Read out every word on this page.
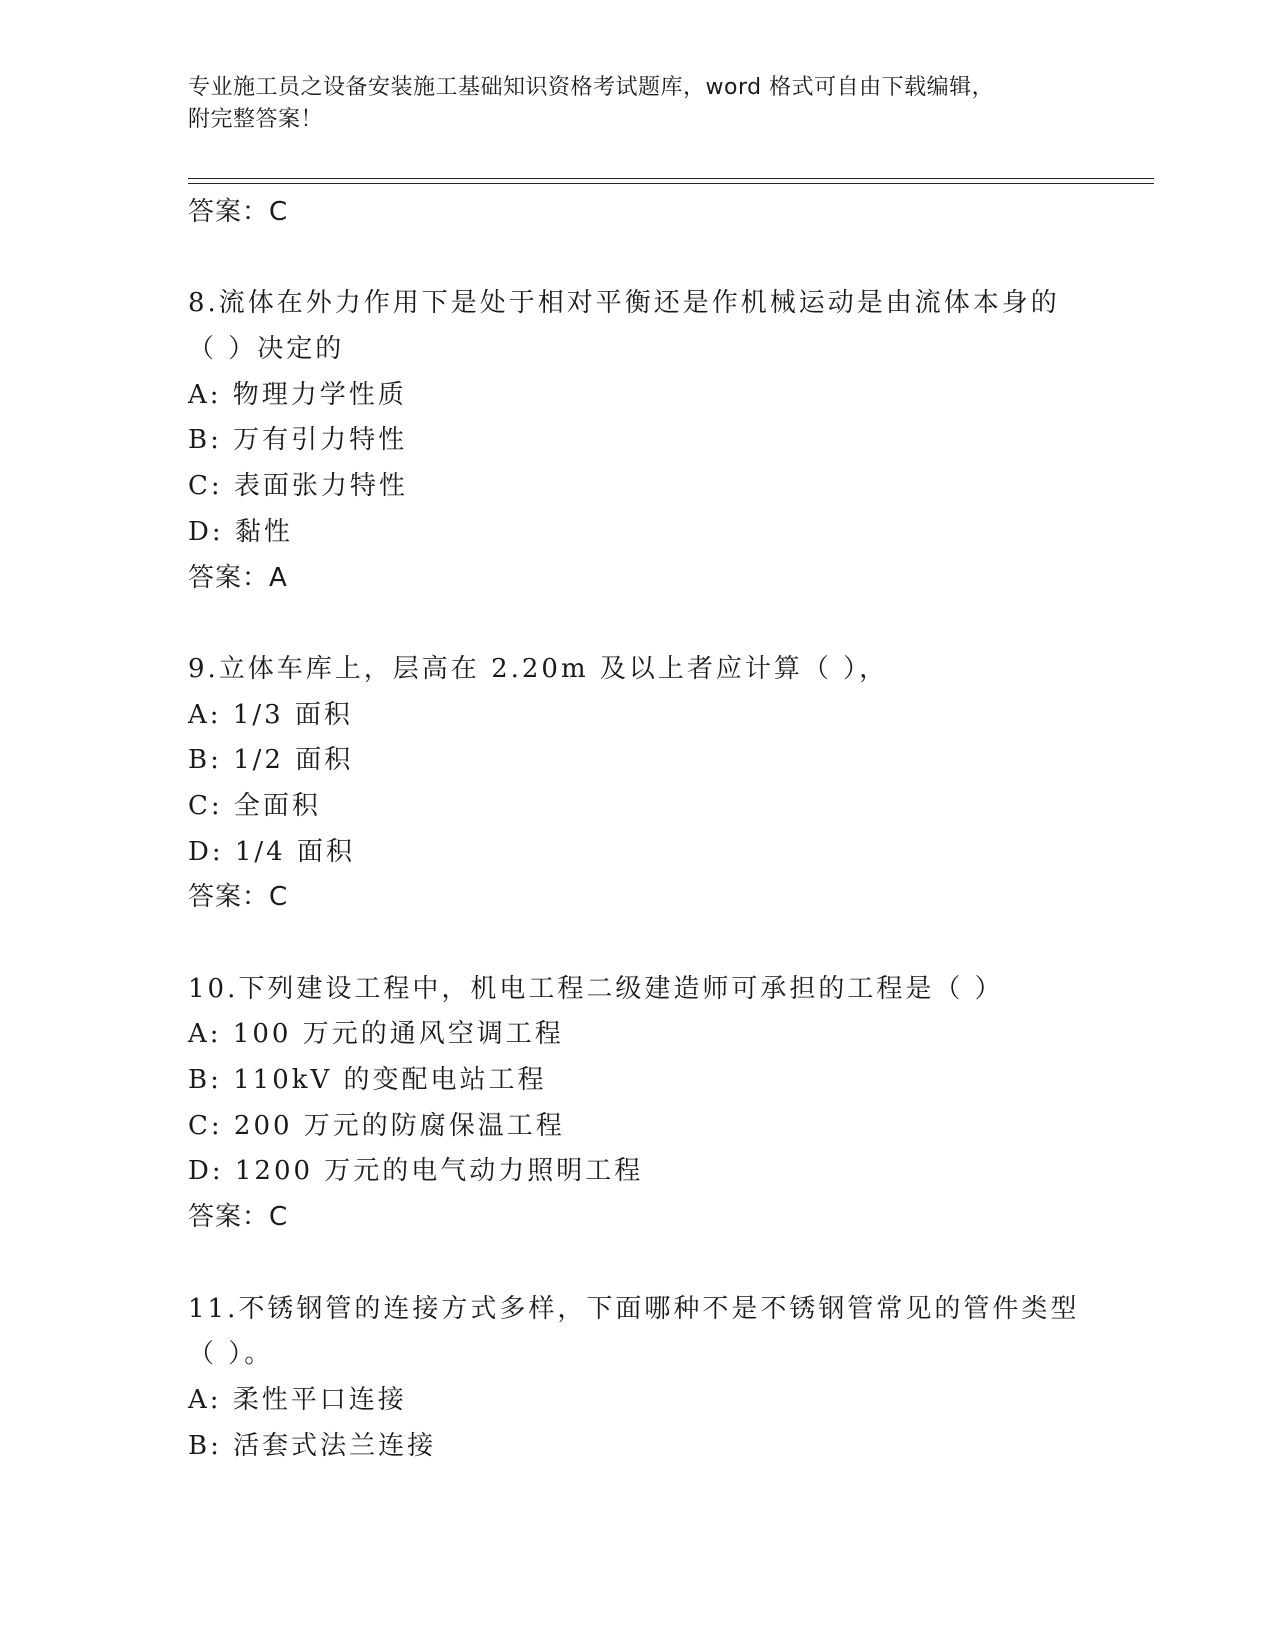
专业施工员之设备安装施工基础知识资格考试题库，word 格式可自由下载编辑，
附完整答案！
答案：C
8.流体在外力作用下是处于相对平衡还是作机械运动是由流体本身的
（ ）决定的
A: 物理力学性质
B: 万有引力特性
C: 表面张力特性
D: 黏性
答案：A
9.立体车库上，层高在 2.20m 及以上者应计算（ ），
A: 1/3 面积
B: 1/2 面积
C: 全面积
D: 1/4 面积
答案：C
10.下列建设工程中，机电工程二级建造师可承担的工程是（ ）
A: 100 万元的通风空调工程
B: 110kV 的变配电站工程
C: 200 万元的防腐保温工程
D: 1200 万元的电气动力照明工程
答案：C
11.不锈钢管的连接方式多样，下面哪种不是不锈钢管常见的管件类型
（ ）。
A: 柔性平口连接
B: 活套式法兰连接
